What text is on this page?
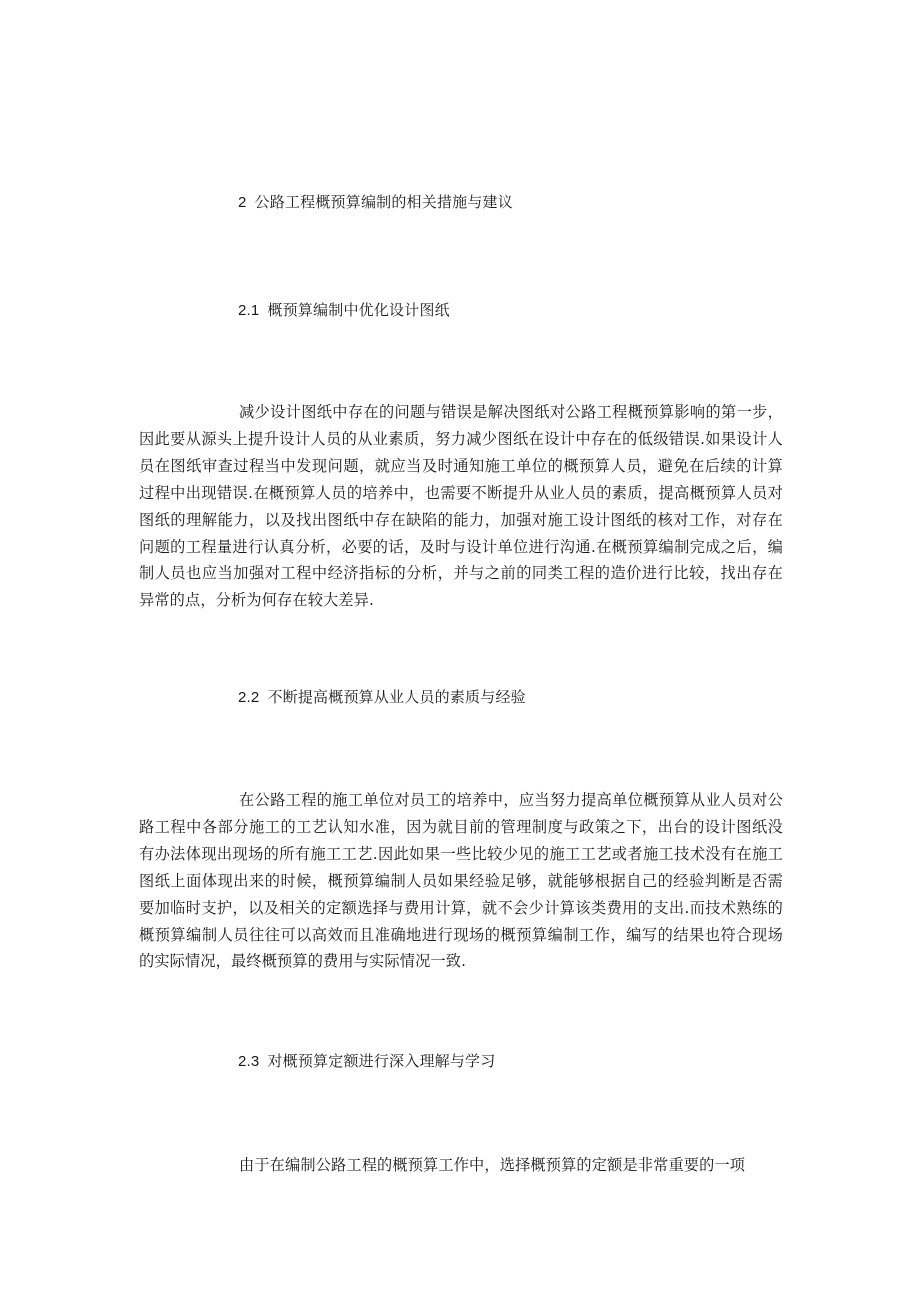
2 公路工程概预算编制的相关措施与建议
2.1 概预算编制中优化设计图纸

减少设计图纸中存在的问题与错误是解决图纸对公路工程概预算影响的第一步，因此要从源头上提升设计人员的从业素质，努力减少图纸在设计中存在的低级错误.如果设计人员在图纸审查过程当中发现问题，就应当及时通知施工单位的概预算人员，避免在后续的计算过程中出现错误.在概预算人员的培养中，也需要不断提升从业人员的素质，提高概预算人员对图纸的理解能力，以及找出图纸中存在缺陷的能力，加强对施工设计图纸的核对工作，对存在问题的工程量进行认真分析，必要的话，及时与设计单位进行沟通.在概预算编制完成之后，编制人员也应当加强对工程中经济指标的分析，并与之前的同类工程的造价进行比较，找出存在异常的点，分析为何存在较大差异.

2.2 不断提高概预算从业人员的素质与经验

在公路工程的施工单位对员工的培养中，应当努力提高单位概预算从业人员对公路工程中各部分施工的工艺认知水准，因为就目前的管理制度与政策之下，出台的设计图纸没有办法体现出现场的所有施工工艺.因此如果一些比较少见的施工工艺或者施工技术没有在施工图纸上面体现出来的时候，概预算编制人员如果经验足够，就能够根据自己的经验判断是否需要加临时支护，以及相关的定额选择与费用计算，就不会少计算该类费用的支出.而技术熟练的概预算编制人员往往可以高效而且准确地进行现场的概预算编制工作，编写的结果也符合现场的实际情况，最终概预算的费用与实际情况一致.

2.3 对概预算定额进行深入理解与学习

由于在编制公路工程的概预算工作中，选择概预算的定额是非常重要的一项
